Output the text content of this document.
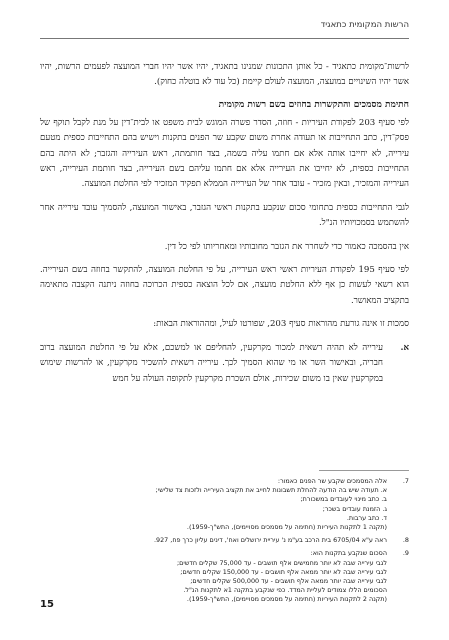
הרשות המקומית כתאגיד

לרשות־מקומית כתאגיד - כל אותן התכונות שמנינו בתאגיד, יהיו אשר יהיו חברי המועצה לפעמים הרשות, יהיו אשר יהיו השינויים במועצה, המועצה לעולם קיימת (כל עוד לא בוטלה כחוק).

חתימת מסמכים והתקשרות בחוזים בשם רשות מקומית

לפי סעיף 203 לפקודת העיריות - חוזה, הסדר פשרה המוגש לבית משפט או לבית־דין על מנת לקבל תוקף של פסק־דין, כתב התחייבות או תעודה אחרת משום שקבע שר הפנים בתקנות וישיש בהם התחייבות כספית מטעם עירייה, לא יחייבו אותה אלא אם חתמו עליה בשמה, בצד חותמתה, ראש העירייה והגזבר; לא היתה בהם התחייבות כספית, לא יחייבו את העירייה אלא אם חתמו עליהם בשם העירייה, בצד חותמת העירייה, ראש העירייה והמזכיר, ובאין מזכיר - עובד אחר של העירייה הממלא תפקיד המזכיר לפי החלטת המועצה.

לגבי התחייבות כספית בתחומי סכום שנקבע בתקנות ראשי הגזבר, באישור המועצה, להסמיך עובד עירייה אחר להשתמש בסמכויותיו הנ"ל.

אין בהסמכה כאמור כדי לשחרר את הגזבר מחובותיו ומאחריותו לפי כל דין.

לפי סעיף 195 לפקודת העיריות ראשי ראש העירייה, על פי החלטת המועצה, להתקשר בחוזה בשם העירייה. הוא רשאי לעשות כן אף ללא החלטת מועצה, אם לכל הוצאה כספית הכרוכה בחוזה ניתנה הקצבה מתאימה בתקציב המאושר.

סמכות זו אינה גורעת מהוראות סעיף 203, שפורטו לעיל, ומההוראות הבאות:

א.

עירייה לא תהיה רשאית למכור מקרקעין, להחליפם או למשכם, אלא על פי החלטת המועצה ברוב חבריה, ובאישור השר או מי שהוא הסמיך לכך. עירייה רשאית להשכיר מקרקעין, או להרשות שימוש במקרקעין שאין בו משום שכירות, אולם השכרת מקרקעין לתקופה העולה על חמש

7.
אלה המסמכים שקבע שר הפנים כאמור:
א. תעודה שיש בה הודעה להחלת תשבונות לחייב את תקציב העירייה ולזכות צד שלישי;
ב. כתב מינוי לעובדים במשכורת;
ג. הזמנת עובדים בשכר;
ד. כתב ערבות.
(תקנה 1 לתקנות העיריות (חתימה על מסמכים מסויימים), התש"ך-1959).
8.
ראה ע"א 6705/04 בית הרכב בע"מ נ' עיריית ירושלים ואח', דינים עליון כרך פח, 927.
9.
הסכום שנקבע בתקנות הוא:
לגבי עירייה שבה לא יותר מחמישים אלף תושבים - עד 75,000 שקלים חדשים;
לגבי עירייה שבה לא יותר ממאה אלף תושבים - עד 150,000 שקלים חדשים;
לגבי עירייה שבה יותר ממאה אלף תושבים - עד 500,000 שקלים חדשים;
הסכומים הללו צמודים לעליית המדד. כפי שנקבע בתקנה 1א לתקנות הנ"ל.
(תקנה 2 לתקנות העיריות (חתימה על מסמכים מסויימים), התש"ך-1959).
15
